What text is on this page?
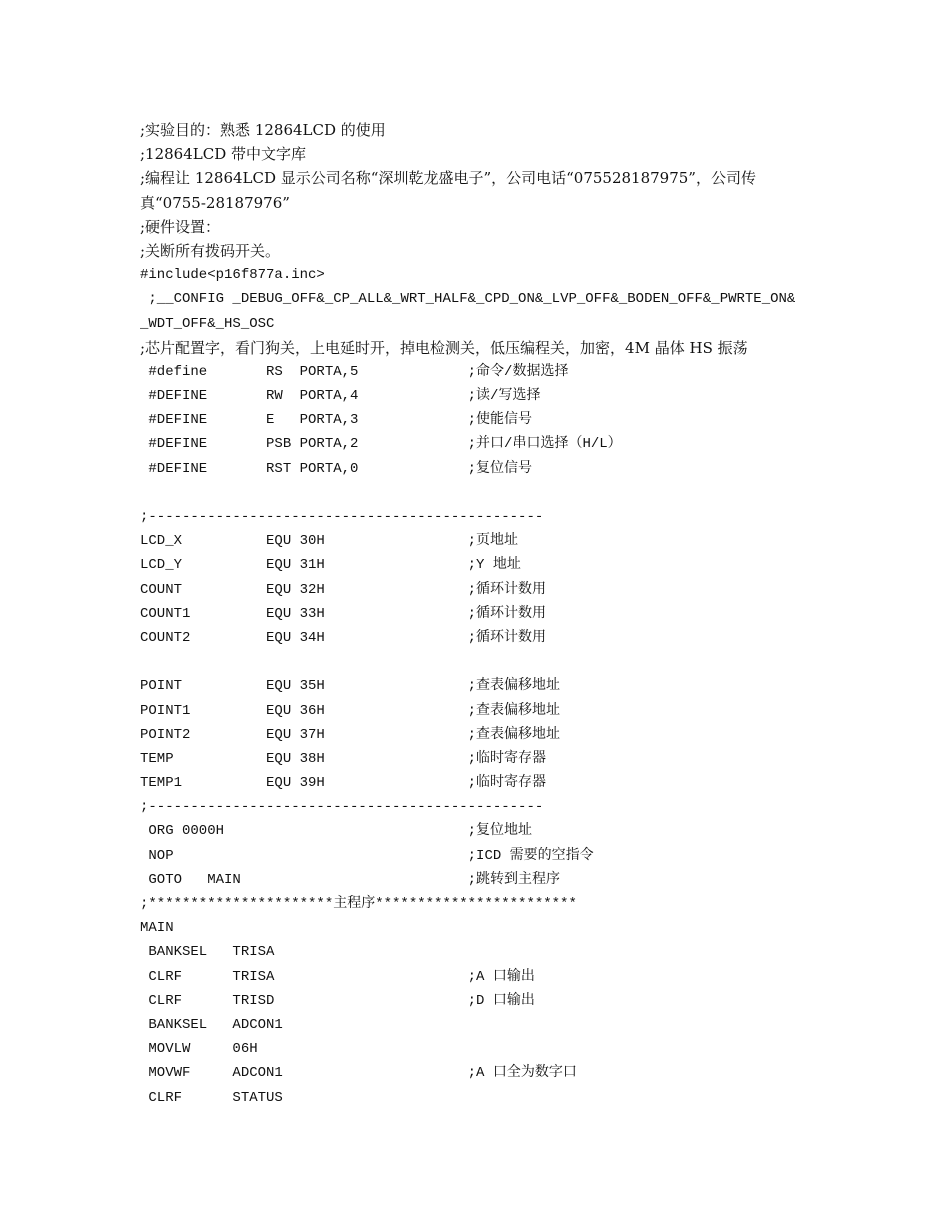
;实验目的：熟悉 12864LCD 的使用
;12864LCD 带中文字库
;编程让 12864LCD 显示公司名称“深圳乾龙盛电子”，公司电话“075528187975”，公司传
真“0755-28187976”
;硬件设置：
;关断所有拨码开关。
#include<p16f877a.inc>
;__CONFIG _DEBUG_OFF&_CP_ALL&_WRT_HALF&_CPD_ON&_LVP_OFF&_BODEN_OFF&_PWRTE_ON&
_WDT_OFF&_HS_OSC
;芯片配置字，看门狗关，上电延时开，掉电检测关，低压编程关，加密，4M 晶体 HS 振荡
#define       RS  PORTA,5             ;命令/数据选择
#DEFINE       RW  PORTA,4             ;读/写选择
#DEFINE       E   PORTA,3             ;使能信号
#DEFINE       PSB PORTA,2             ;并口/串口选择（H/L）
#DEFINE       RST PORTA,0             ;复位信号
;-----------------------------------------------
LCD_X          EQU 30H                 ;页地址
LCD_Y          EQU 31H                 ;Y 地址
COUNT          EQU 32H                 ;循环计数用
COUNT1         EQU 33H                 ;循环计数用
COUNT2         EQU 34H                 ;循环计数用
POINT          EQU 35H                 ;查表偏移地址
POINT1         EQU 36H                 ;查表偏移地址
POINT2         EQU 37H                 ;查表偏移地址
TEMP           EQU 38H                 ;临时寄存器
TEMP1          EQU 39H                 ;临时寄存器
;-----------------------------------------------
ORG 0000H                             ;复位地址
NOP                                   ;ICD 需要的空指令
GOTO   MAIN                           ;跳转到主程序
;**********************主程序************************
MAIN
BANKSEL   TRISA
CLRF      TRISA                       ;A 口输出
CLRF      TRISD                       ;D 口输出
BANKSEL   ADCON1
MOVLW     06H
MOVWF     ADCON1                      ;A 口全为数字口
CLRF      STATUS
